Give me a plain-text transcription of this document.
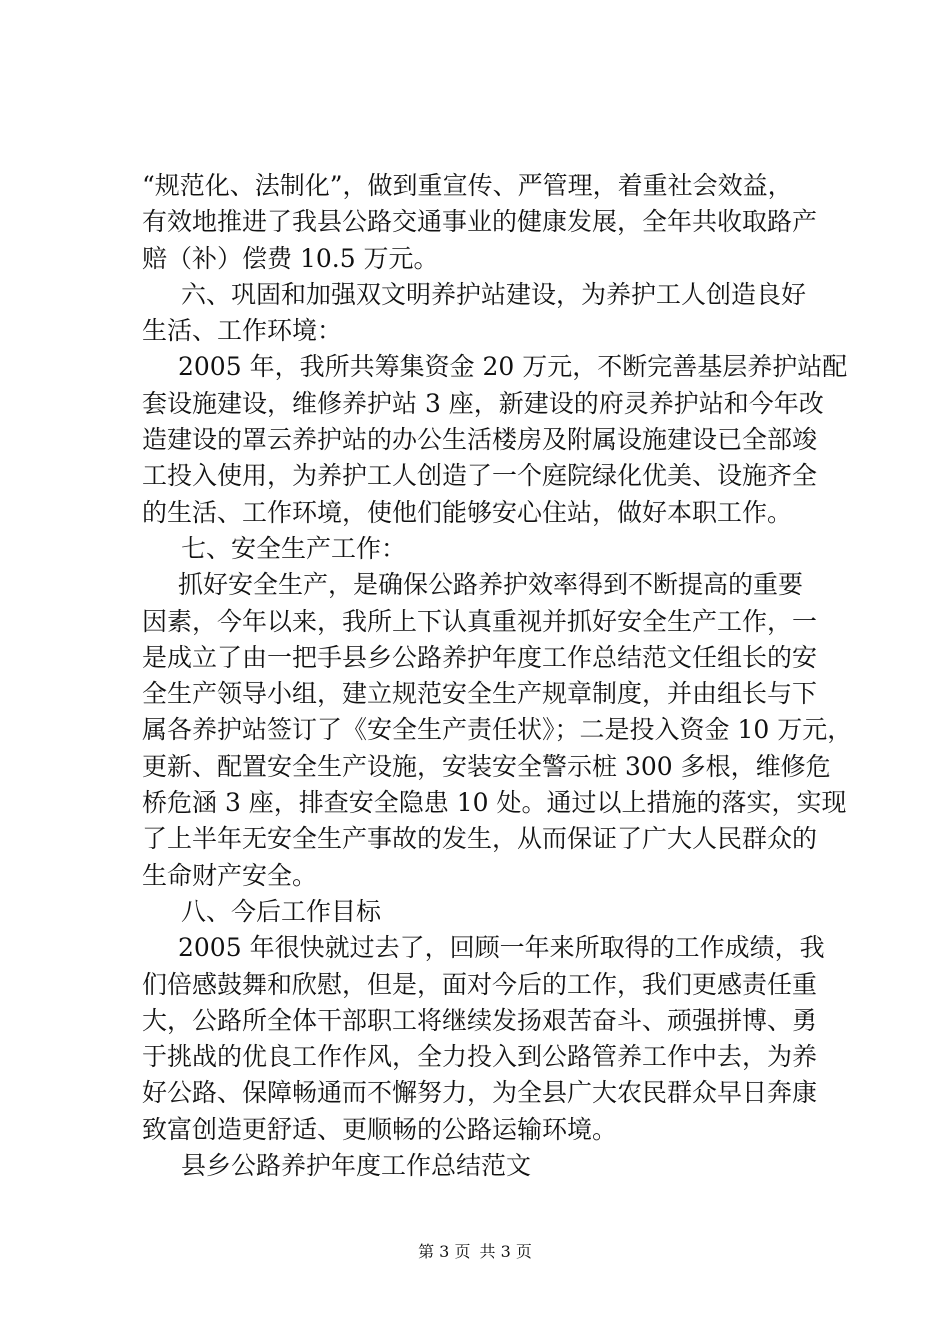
“规范化、法制化”，做到重宣传、严管理，着重社会效益，
有效地推进了我县公路交通事业的健康发展，全年共收取路产
赔（补）偿费 10.5 万元。
六、巩固和加强双文明养护站建设，为养护工人创造良好
生活、工作环境：
2005 年，我所共筹集资金 20 万元，不断完善基层养护站配
套设施建设，维修养护站 3 座，新建设的府灵养护站和今年改
造建设的罩云养护站的办公生活楼房及附属设施建设已全部竣
工投入使用，为养护工人创造了一个庭院绿化优美、设施齐全
的生活、工作环境，使他们能够安心住站，做好本职工作。
七、安全生产工作：
抓好安全生产，是确保公路养护效率得到不断提高的重要
因素，今年以来，我所上下认真重视并抓好安全生产工作，一
是成立了由一把手县乡公路养护年度工作总结范文任组长的安
全生产领导小组，建立规范安全生产规章制度，并由组长与下
属各养护站签订了《安全生产责任状》；二是投入资金 10 万元，
更新、配置安全生产设施，安装安全警示桩 300 多根，维修危
桥危涵 3 座，排查安全隐患 10 处。通过以上措施的落实，实现
了上半年无安全生产事故的发生，从而保证了广大人民群众的
生命财产安全。
八、今后工作目标
2005 年很快就过去了，回顾一年来所取得的工作成绩，我
们倍感鼓舞和欣慰，但是，面对今后的工作，我们更感责任重
大，公路所全体干部职工将继续发扬艰苦奋斗、顽强拼博、勇
于挑战的优良工作作风，全力投入到公路管养工作中去，为养
好公路、保障畅通而不懈努力，为全县广大农民群众早日奔康
致富创造更舒适、更顺畅的公路运输环境。
县乡公路养护年度工作总结范文
第 3 页 共 3 页
